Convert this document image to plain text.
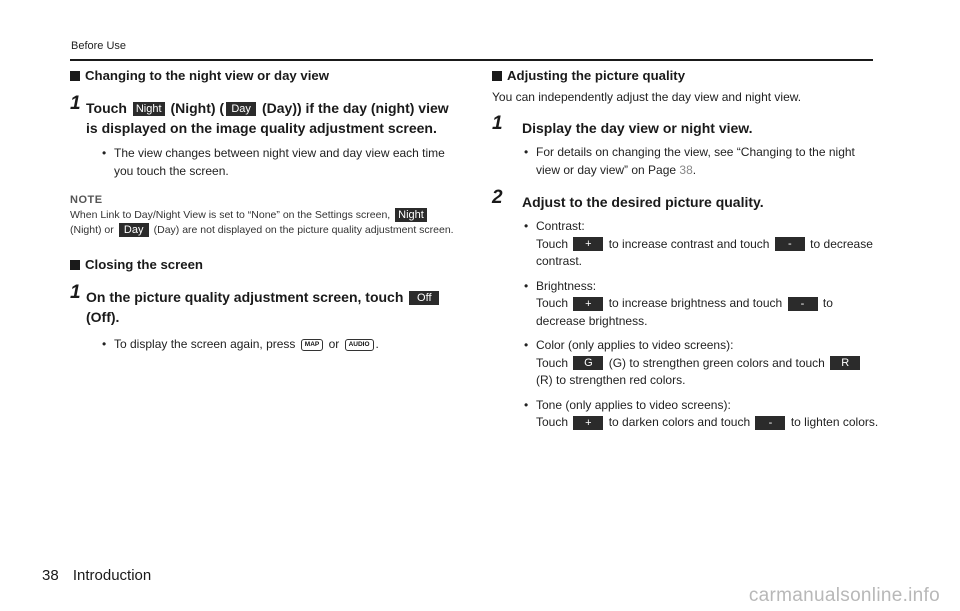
Before Use
Changing to the night view or day view
1 Touch Night (Night) ( Day (Day)) if the day (night) view is displayed on the image quality adjustment screen.
• The view changes between night view and day view each time you touch the screen.
NOTE
When Link to Day/Night View is set to “None” on the Settings screen, Night (Night) or Day (Day) are not displayed on the picture quality adjustment screen.
Closing the screen
1 On the picture quality adjustment screen, touch Off (Off).
• To display the screen again, press MAP or AUDIO .
Adjusting the picture quality
You can independently adjust the day view and night view.
1	Display the day view or night view.
• For details on changing the view, see “Changing to the night view or day view” on Page 38.
2	Adjust to the desired picture quality.
• Contrast:
Touch + to increase contrast and touch - to decrease contrast.
• Brightness:
Touch + to increase brightness and touch - to decrease brightness.
• Color (only applies to video screens):
Touch G (G) to strengthen green colors and touch R (R) to strengthen red colors.
• Tone (only applies to video screens):
Touch + to darken colors and touch - to lighten colors.
38 Introduction
carmanualsonline.info
